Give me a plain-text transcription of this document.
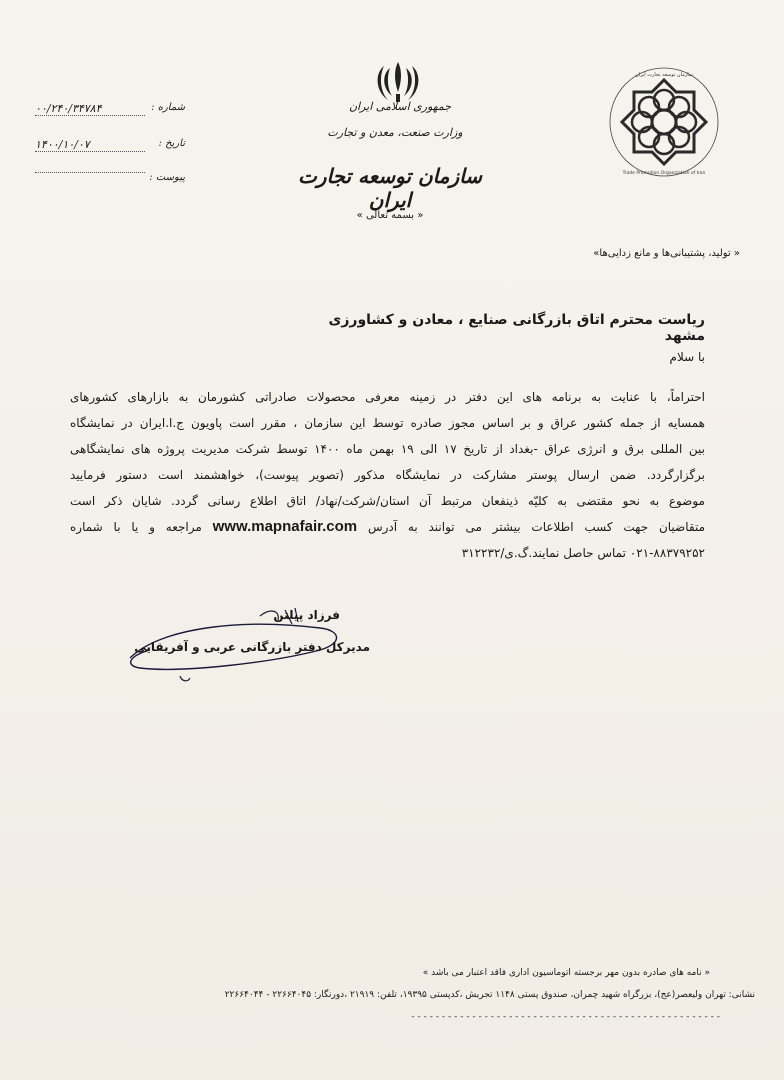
جمهوری اسلامی ایران
وزارت صنعت، معدن و تجارت
سازمان توسعه تجارت ایران
« بسمه تعالی »
« تولید، پشتیبانی‌ها و مانع زدایی‌ها»
شماره :
۰۰/۲۴۰/۳۴۷۸۴
تاریخ :
۱۴۰۰/۱۰/۰۷
پیوست :	Trade Promotion Organization of Iran
سازمان توسعه تجارت ایران
ریاست محترم اتاق بازرگانی صنایع ، معادن و کشاورزی مشهد
با سلام
احتراماً، با عنایت به برنامه های این دفتر در زمینه معرفی محصولات صادراتی کشورمان به بازارهای کشورهای
همسایه از جمله کشور عراق و بر اساس مجوز صادره توسط این سازمان ، مقرر است پاویون ج.ا.ایران در نمایشگاه
بین المللی برق و انرژی عراق -بغداد از تاریخ ۱۷ الی ۱۹ بهمن ماه ۱۴۰۰ توسط شرکت مدیریت پروژه های نمایشگاهی
برگزارگردد. ضمن ارسال پوستر مشارکت در نمایشگاه مذکور (تصویر پیوست)، خواهشمند است دستور فرمایید
موضوع به نحو مقتضی به کلیّه ذینفعان مرتبط آن استان/شرکت/نهاد/ اتاق اطلاع رسانی گردد. شایان ذکر است
متقاضیان جهت کسب اطلاعات بیشتر می توانند به آدرس www.mapnafair.com مراجعه و یا با شماره
۰۲۱-۸۸۳۷۹۲۵۲ تماس حاصل نمایند.گ.ی/۳۱۲۲۳۲
فرزاد پیلتن
مدیرکل دفتر بازرگانی عربی و آفریقایی
« نامه های صادره بدون مهر برجسته اتوماسیون اداری فاقد اعتبار می باشد »
نشانی: تهران ولیعصر(عج)، بزرگراه شهید چمران، صندوق پستی ۱۱۴۸ تجریش ،کدپستی ۱۹۳۹۵، تلفن: ۲۱۹۱۹ ،دورنگار: ۲۲۶۶۴۰۴۵ - ۲۲۶۶۴۰۴۴
- - - - - - - - - - - - - - - - - - - - - - - - - - - - - - - - - - - - - - - - - - - - - - - - - - -
